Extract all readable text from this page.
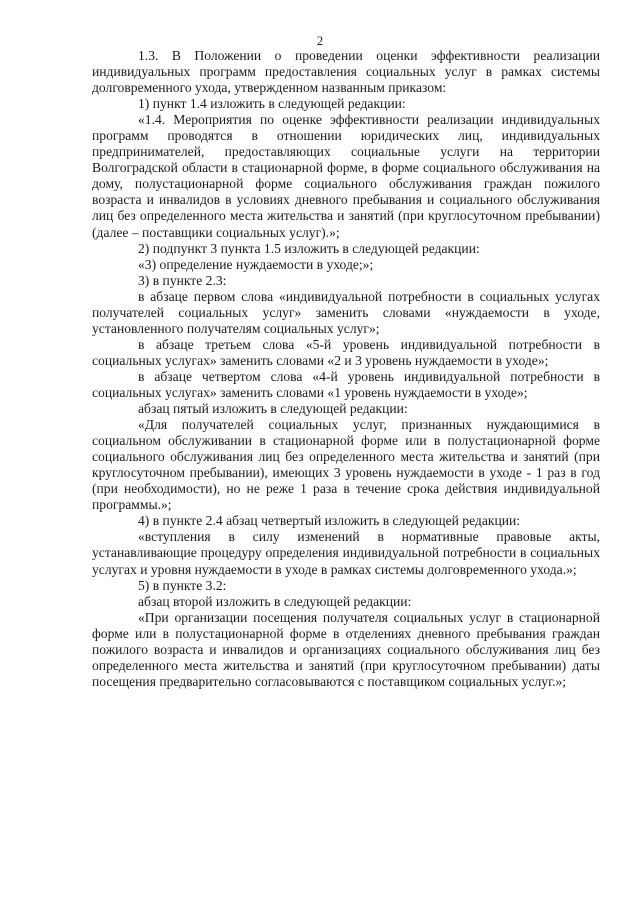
2

1.3. В Положении о проведении оценки эффективности реализации индивидуальных программ предоставления социальных услуг в рамках системы долговременного ухода, утвержденном названным приказом:

1) пункт 1.4 изложить в следующей редакции:

«1.4. Мероприятия по оценке эффективности реализации индивидуальных программ проводятся в отношении юридических лиц, индивидуальных предпринимателей, предоставляющих социальные услуги на территории Волгоградской области в стационарной форме, в форме социального обслуживания на дому, полустационарной форме социального обслуживания граждан пожилого возраста и инвалидов в условиях дневного пребывания и социального обслуживания лиц без определенного места жительства и занятий (при круглосуточном пребывании) (далее – поставщики социальных услуг).»;

2) подпункт 3 пункта 1.5 изложить в следующей редакции:

«3) определение нуждаемости в уходе;»;

3) в пункте 2.3:

в абзаце первом слова «индивидуальной потребности в социальных услугах получателей социальных услуг» заменить словами «нуждаемости в уходе, установленного получателям социальных услуг»;

в абзаце третьем слова «5-й уровень индивидуальной потребности в социальных услугах» заменить словами «2 и 3 уровень нуждаемости в уходе»;

в абзаце четвертом слова «4-й уровень индивидуальной потребности в социальных услугах» заменить словами «1 уровень нуждаемости в уходе»;

абзац пятый изложить в следующей редакции:

«Для получателей социальных услуг, признанных нуждающимися в социальном обслуживании в стационарной форме или в полустационарной форме социального обслуживания лиц без определенного места жительства и занятий (при круглосуточном пребывании), имеющих 3 уровень нуждаемости в уходе - 1 раз в год (при необходимости), но не реже 1 раза в течение срока действия индивидуальной программы.»;

4) в пункте 2.4 абзац четвертый изложить в следующей редакции:

«вступления в силу изменений в нормативные правовые акты, устанавливающие процедуру определения индивидуальной потребности в социальных услугах и уровня нуждаемости в уходе в рамках системы долговременного ухода.»;

5) в пункте 3.2:

абзац второй изложить в следующей редакции:

«При организации посещения получателя социальных услуг в стационарной форме или в полустационарной форме в отделениях дневного пребывания граждан пожилого возраста и инвалидов и организациях социального обслуживания лиц без определенного места жительства и занятий (при круглосуточном пребывании) даты посещения предварительно согласовываются с поставщиком социальных услуг.»;
